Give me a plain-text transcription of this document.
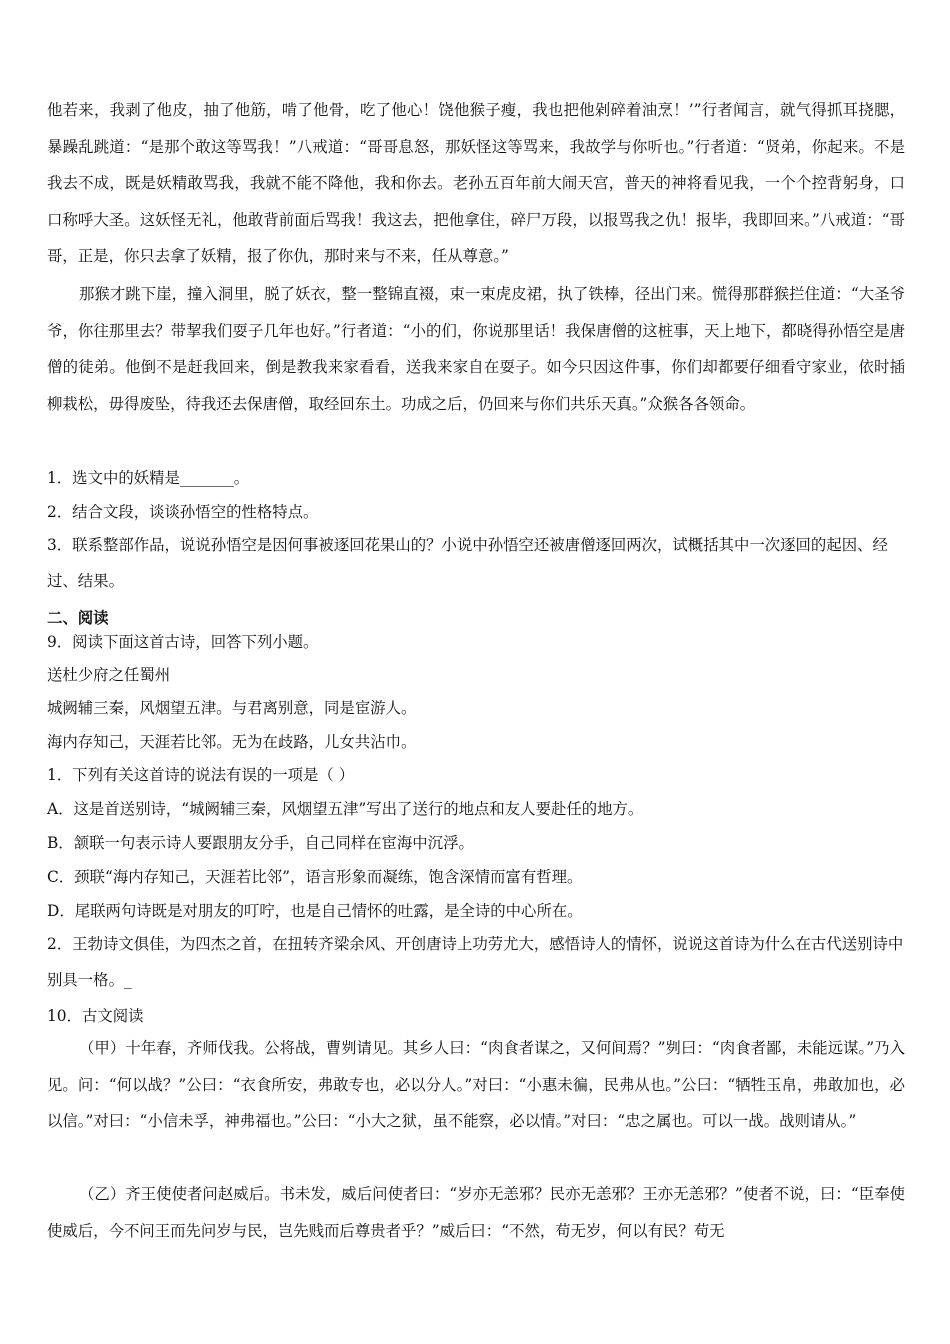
他若来，我剥了他皮，抽了他筋，啃了他骨，吃了他心！饶他猴子瘦，我也把他剁碎着油烹！’”行者闻言，就气得抓耳挠腮，暴躁乱跳道：“是那个敢这等骂我！”八戒道：“哥哥息怒，那妖怪这等骂来，我故学与你听也。”行者道：“贤弟，你起来。不是我去不成，既是妖精敢骂我，我就不能不降他，我和你去。老孙五百年前大闹天宫，普天的神将看见我，一个个控背躬身，口口称呼大圣。这妖怪无礼，他敢背前面后骂我！我这去，把他拿住，碎尸万段，以报骂我之仇！报毕，我即回来。”八戒道：“哥哥，正是，你只去拿了妖精，报了你仇，那时来与不来，任从尊意。”

那猴才跳下崖，撞入洞里，脱了妖衣，整一整锦直裰，束一束虎皮裙，执了铁棒，径出门来。慌得那群猴拦住道：“大圣爷爷，你往那里去？带挈我们耍子几年也好。”行者道：“小的们，你说那里话！我保唐僧的这桩事，天上地下，都晓得孙悟空是唐僧的徒弟。他倒不是赶我回来，倒是教我来家看看，送我来家自在耍子。如今只因这件事，你们却都要仔细看守家业，依时插柳栽松，毋得废坠，待我还去保唐僧，取经回东土。功成之后，仍回来与你们共乐天真。”众猴各各领命。

1．选文中的妖精是_______。

2．结合文段，谈谈孙悟空的性格特点。

3．联系整部作品，说说孙悟空是因何事被逐回花果山的？小说中孙悟空还被唐僧逐回两次，试概括其中一次逐回的起因、经过、结果。

二、阅读

9．阅读下面这首古诗，回答下列小题。

送杜少府之任蜀州

城阙辅三秦，风烟望五津。与君离别意，同是宦游人。

海内存知己，天涯若比邻。无为在歧路，儿女共沾巾。

1．下列有关这首诗的说法有误的一项是（ ）

A．这是首送别诗，“城阙辅三秦，风烟望五津”写出了送行的地点和友人要赴任的地方。

B．颔联一句表示诗人要跟朋友分手，自己同样在宦海中沉浮。

C．颈联“海内存知己，天涯若比邻”，语言形象而凝练，饱含深情而富有哲理。

D．尾联两句诗既是对朋友的叮咛，也是自己情怀的吐露，是全诗的中心所在。

2．王勃诗文俱佳，为四杰之首，在扭转齐梁余风、开创唐诗上功劳尤大，感悟诗人的情怀，说说这首诗为什么在古代送别诗中别具一格。_

10．古文阅读

（甲）十年春，齐师伐我。公将战，曹刿请见。其乡人曰：“肉食者谋之，又何间焉？”刿曰：“肉食者鄙，未能远谋。”乃入见。问：“何以战？”公曰：“衣食所安，弗敢专也，必以分人。”对曰：“小惠未徧，民弗从也。”公曰：“牺牲玉帛，弗敢加也，必以信。”对曰：“小信未孚，神弗福也。”公曰：“小大之狱，虽不能察，必以情。”对曰：“忠之属也。可以一战。战则请从。”

（乙）齐王使使者问赵威后。书未发，威后问使者曰：“岁亦无恙邪？民亦无恙邪？王亦无恙邪？”使者不说，曰：“臣奉使使威后，今不问王而先问岁与民，岂先贱而后尊贵者乎？”威后曰：“不然，苟无岁，何以有民？苟无
